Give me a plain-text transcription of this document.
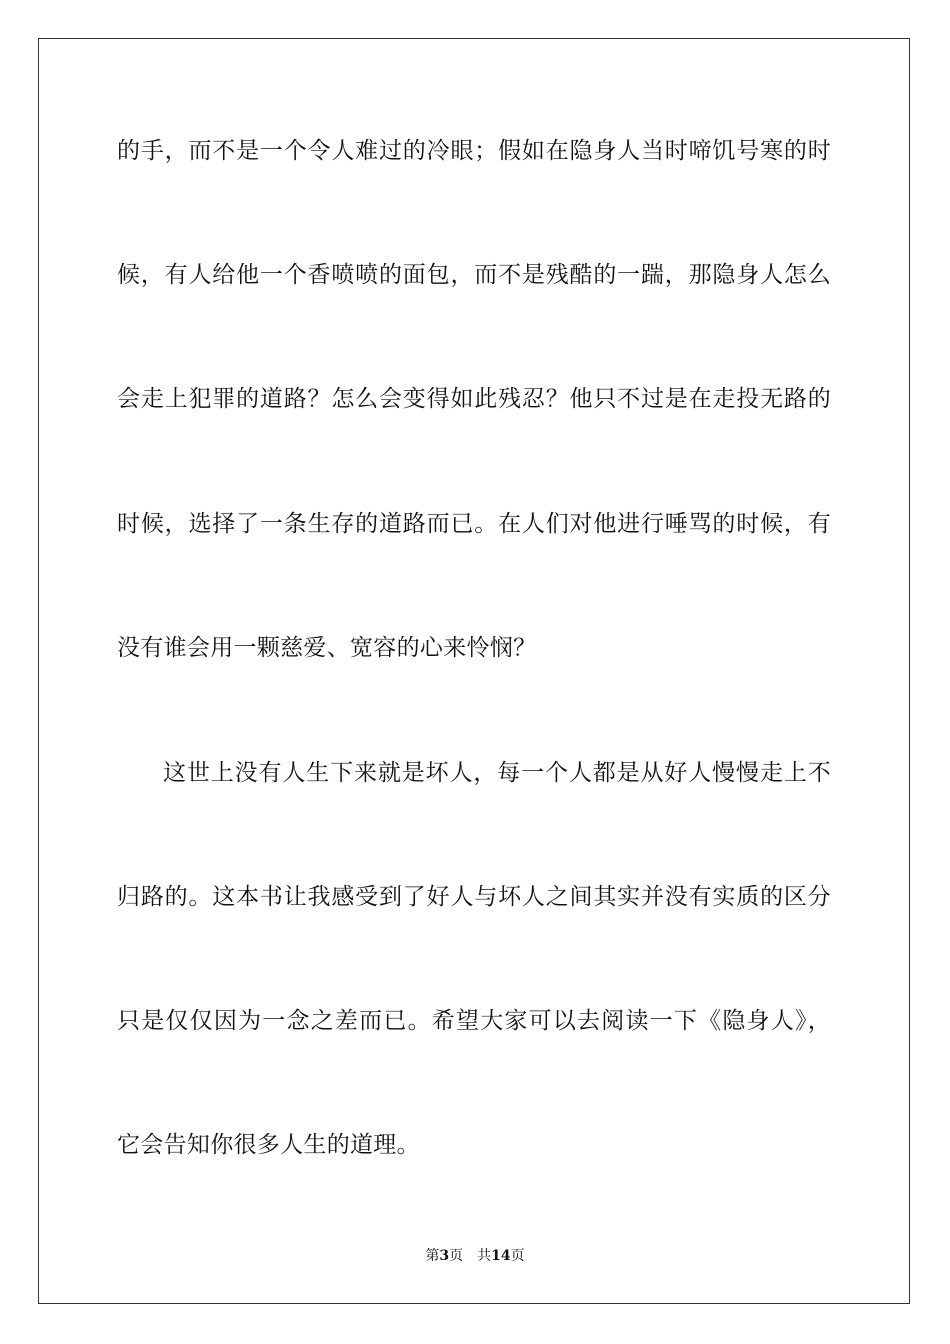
的手，而不是一个令人难过的冷眼；假如在隐身人当时啼饥号寒的时
候，有人给他一个香喷喷的面包，而不是残酷的一踹，那隐身人怎么
会走上犯罪的道路？怎么会变得如此残忍？他只不过是在走投无路的
时候，选择了一条生存的道路而已。在人们对他进行唾骂的时候，有
没有谁会用一颗慈爱、宽容的心来怜悯？
这世上没有人生下来就是坏人，每一个人都是从好人慢慢走上不
归路的。这本书让我感受到了好人与坏人之间其实并没有实质的区分
只是仅仅因为一念之差而已。希望大家可以去阅读一下《隐身人》，
它会告知你很多人生的道理。
第3页 共14页
